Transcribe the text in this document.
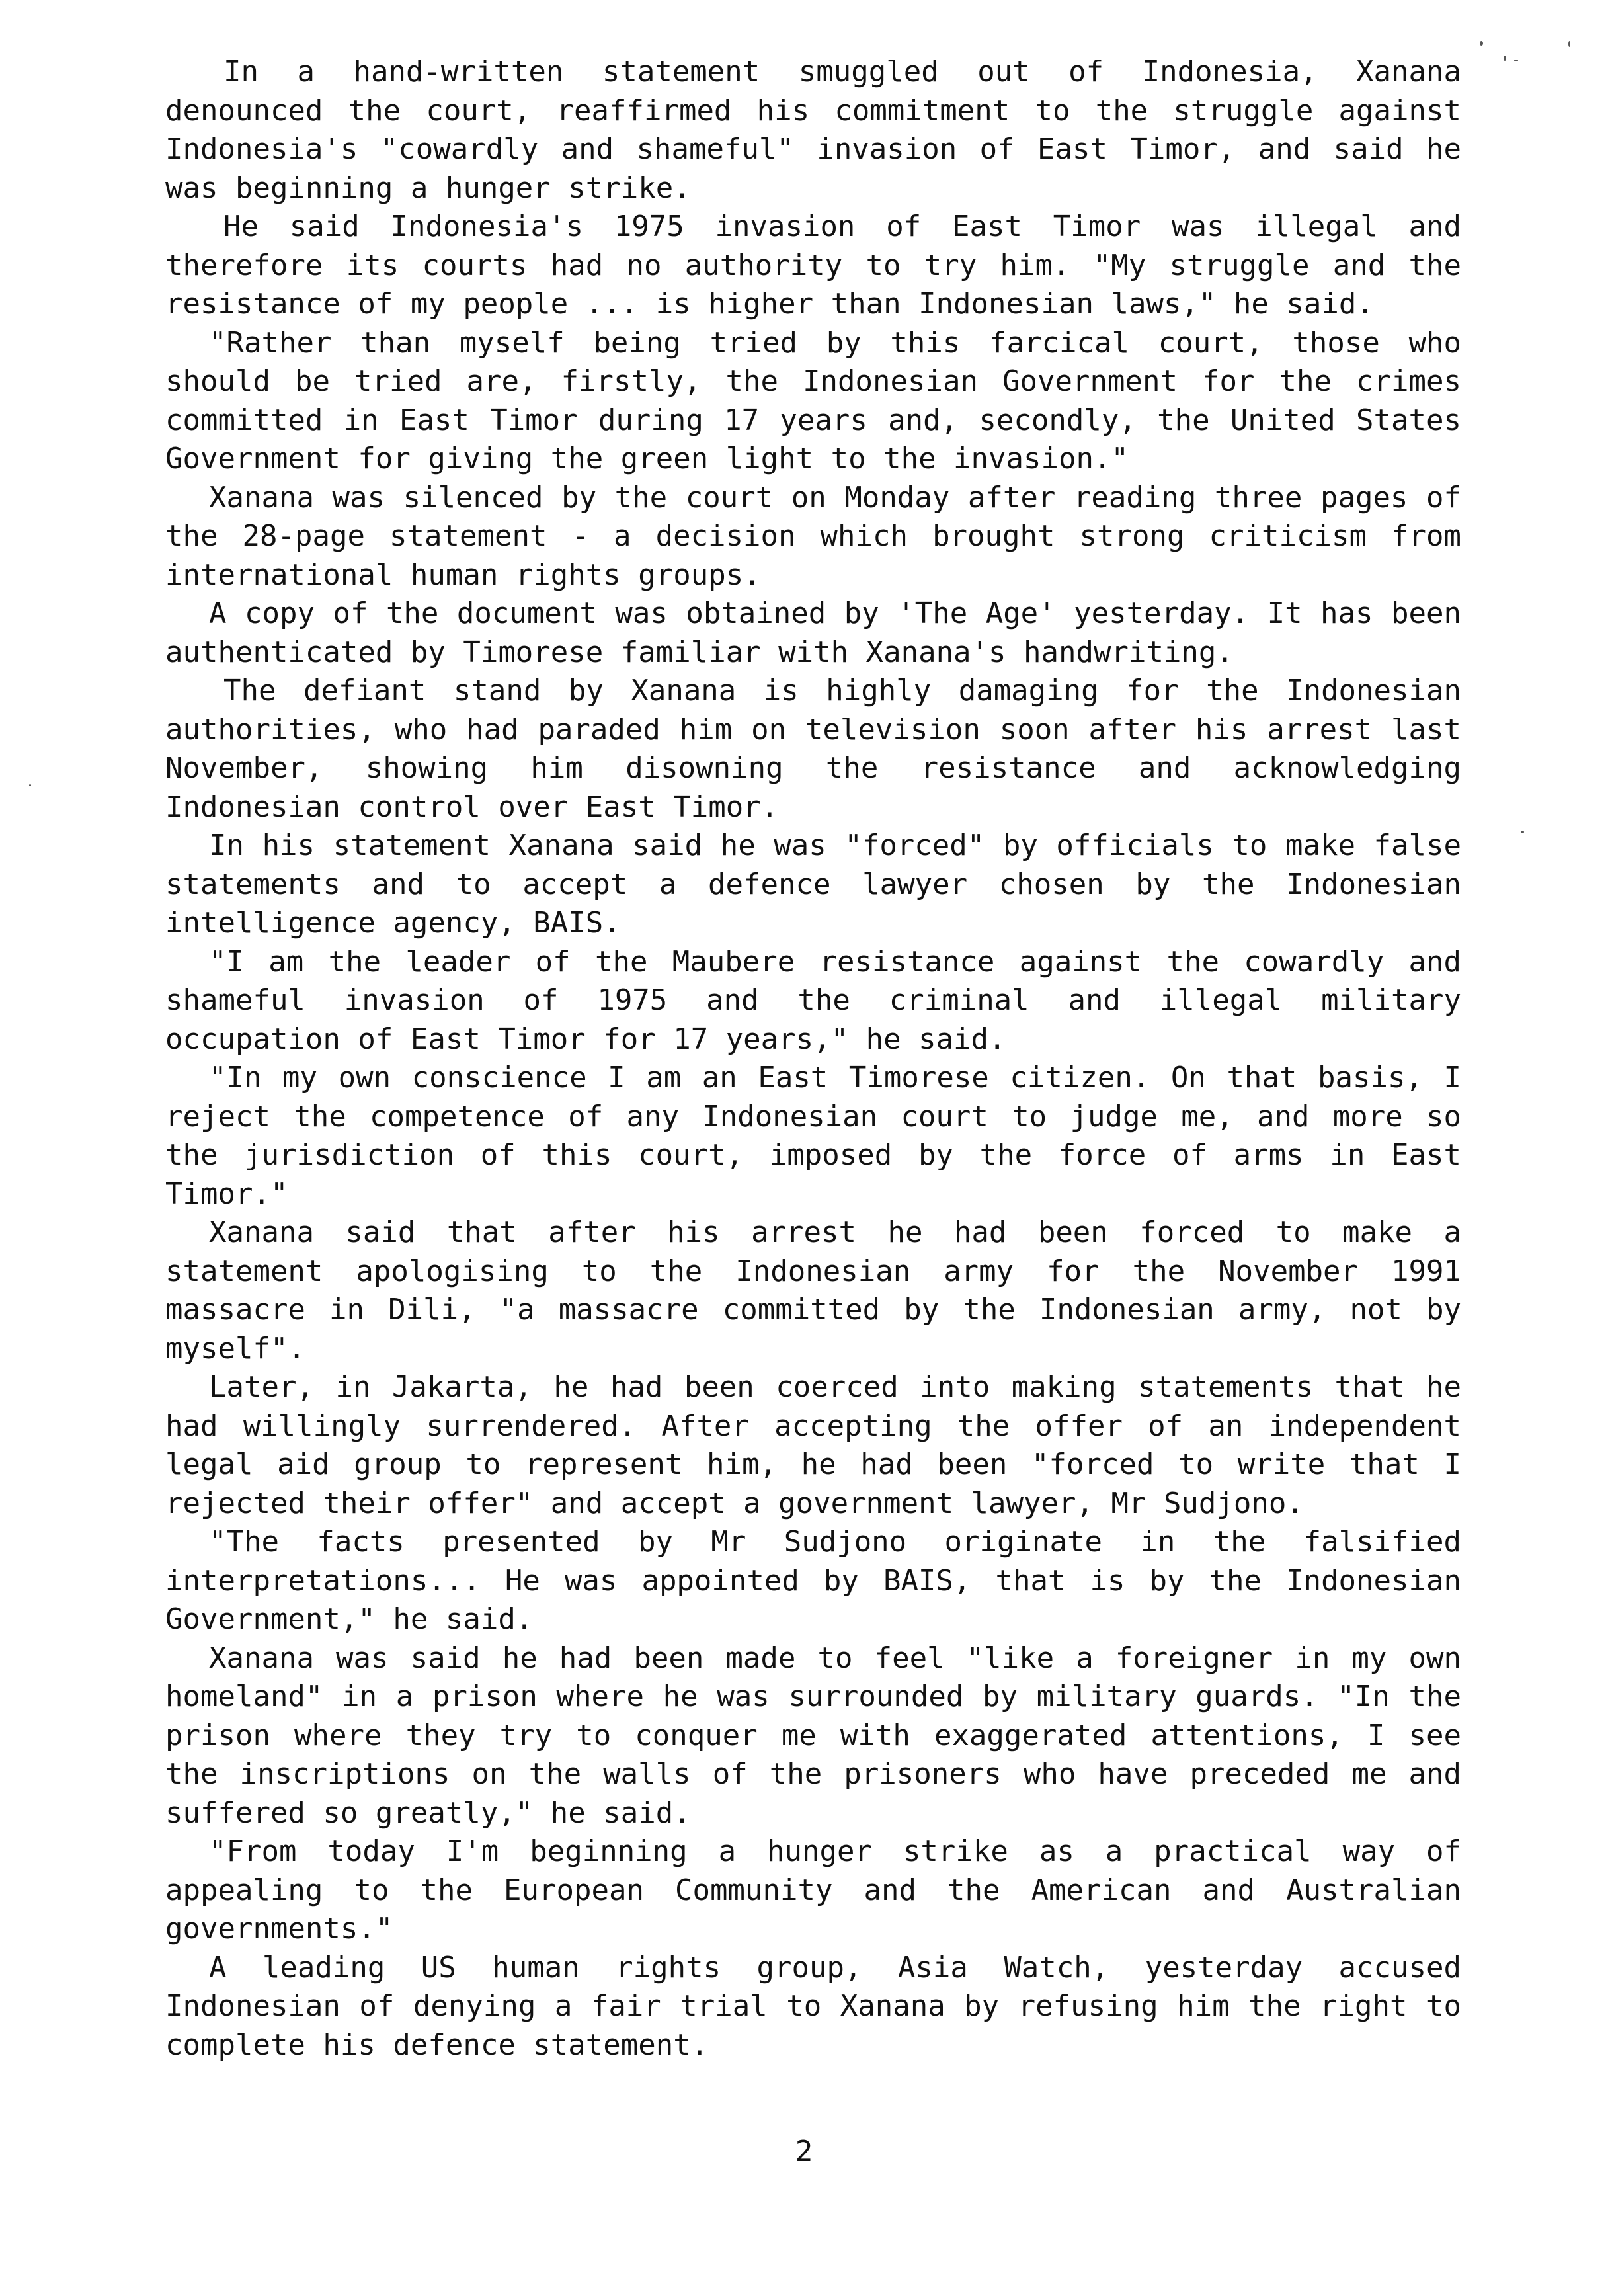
In a hand-written statement smuggled out of Indonesia, Xanana denounced the court, reaffirmed his commitment to the struggle against Indonesia's "cowardly and shameful" invasion of East Timor, and said he was beginning a hunger strike.

He said Indonesia's 1975 invasion of East Timor was illegal and therefore its courts had no authority to try him. "My struggle and the resistance of my people ... is higher than Indonesian laws," he said.

"Rather than myself being tried by this farcical court, those who should be tried are, firstly, the Indonesian Government for the crimes committed in East Timor during 17 years and, secondly, the United States Government for giving the green light to the invasion."

Xanana was silenced by the court on Monday after reading three pages of the 28-page statement - a decision which brought strong criticism from international human rights groups.

A copy of the document was obtained by 'The Age' yesterday. It has been authenticated by Timorese familiar with Xanana's handwriting.

The defiant stand by Xanana is highly damaging for the Indonesian authorities, who had paraded him on television soon after his arrest last November, showing him disowning the resistance and acknowledging Indonesian control over East Timor.

In his statement Xanana said he was "forced" by officials to make false statements and to accept a defence lawyer chosen by the Indonesian intelligence agency, BAIS.

"I am the leader of the Maubere resistance against the cowardly and shameful invasion of 1975 and the criminal and illegal military occupation of East Timor for 17 years," he said.

"In my own conscience I am an East Timorese citizen. On that basis, I reject the competence of any Indonesian court to judge me, and more so the jurisdiction of this court, imposed by the force of arms in East Timor."

Xanana said that after his arrest he had been forced to make a statement apologising to the Indonesian army for the November 1991 massacre in Dili, "a massacre committed by the Indonesian army, not by myself".

Later, in Jakarta, he had been coerced into making statements that he had willingly surrendered. After accepting the offer of an independent legal aid group to represent him, he had been "forced to write that I rejected their offer" and accept a government lawyer, Mr Sudjono.

"The facts presented by Mr Sudjono originate in the falsified interpretations... He was appointed by BAIS, that is by the Indonesian Government," he said.

Xanana was said he had been made to feel "like a foreigner in my own homeland" in a prison where he was surrounded by military guards. "In the prison where they try to conquer me with exaggerated attentions, I see the inscriptions on the walls of the prisoners who have preceded me and suffered so greatly," he said.

"From today I'm beginning a hunger strike as a practical way of appealing to the European Community and the American and Australian governments."

A leading US human rights group, Asia Watch, yesterday accused Indonesian of denying a fair trial to Xanana by refusing him the right to complete his defence statement.

2
